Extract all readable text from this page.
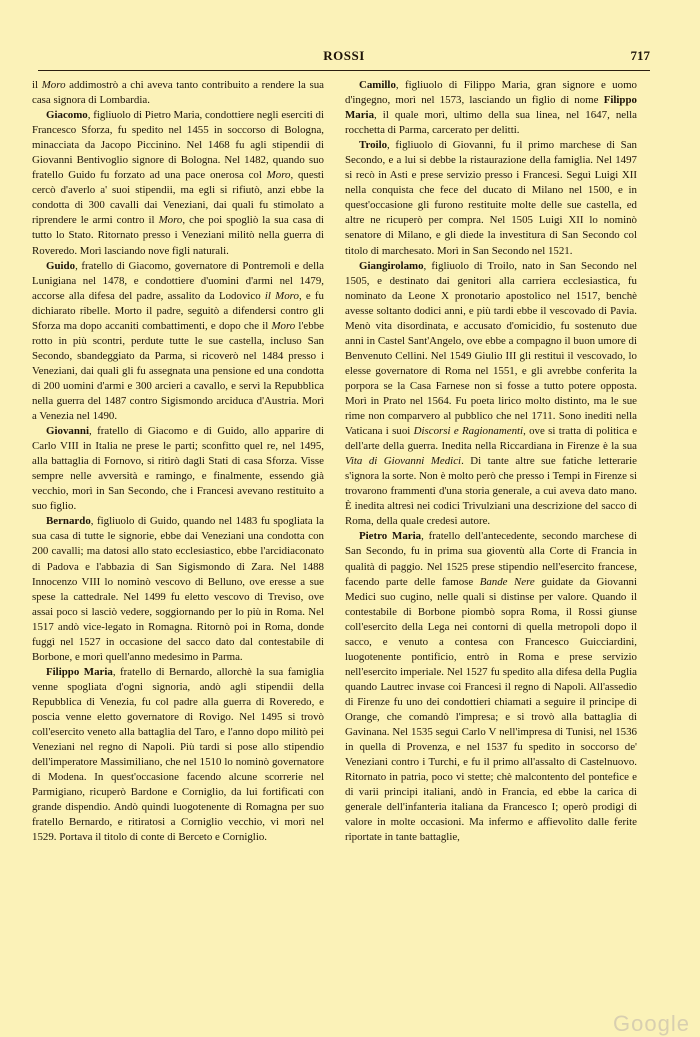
ROSSI	717

il Moro addimostrò a chi aveva tanto contribuito a rendere la sua casa signora di Lombardia.

Giacomo, figliuolo di Pietro Maria, condottiere negli eserciti di Francesco Sforza, fu spedito nel 1455 in soccorso di Bologna, minacciata da Jacopo Piccinino. Nel 1468 fu agli stipendii di Giovanni Bentivoglio signore di Bologna. Nel 1482, quando suo fratello Guido fu forzato ad una pace onerosa col Moro, questi cercò d'averlo a' suoi stipendii, ma egli si rifiutò, anzi ebbe la condotta di 300 cavalli dai Veneziani, dai quali fu stimolato a riprendere le armi contro il Moro, che poi spogliò la sua casa di tutto lo Stato. Ritornato presso i Veneziani militò nella guerra di Roveredo. Morì lasciando nove figli naturali.

Guido, fratello di Giacomo, governatore di Pontremoli e della Lunigiana nel 1478, e condottiere d'uomini d'armi nel 1479, accorse alla difesa del padre, assalito da Lodovico il Moro, e fu dichiarato ribelle. Morto il padre, seguitò a difendersi contro gli Sforza ma dopo accaniti combattimenti, e dopo che il Moro l'ebbe rotto in più scontri, perdute tutte le sue castella, incluso San Secondo, sbandeggiato da Parma, si ricoverò nel 1484 presso i Veneziani, dai quali gli fu assegnata una pensione ed una condotta di 200 uomini d'armi e 300 arcieri a cavallo, e servì la Repubblica nella guerra del 1487 contro Sigismondo arciduca d'Austria. Morì a Venezia nel 1490.

Giovanni, fratello di Giacomo e di Guido, allo apparire di Carlo VIII in Italia ne prese le parti; sconfitto quel re, nel 1495, alla battaglia di Fornovo, si ritirò dagli Stati di casa Sforza. Visse sempre nelle avversità e ramingo, e finalmente, essendo già vecchio, morì in San Secondo, che i Francesi avevano restituito a suo figlio.

Bernardo, figliuolo di Guido, quando nel 1483 fu spogliata la sua casa di tutte le signorie, ebbe dai Veneziani una condotta con 200 cavalli; ma datosi allo stato ecclesiastico, ebbe l'arcidiaconato di Padova e l'abbazia di San Sigismondo di Zara. Nel 1488 Innocenzo VIII lo nominò vescovo di Belluno, ove eresse a sue spese la cattedrale. Nel 1499 fu eletto vescovo di Treviso, ove assai poco si lasciò vedere, soggiornando per lo più in Roma. Nel 1517 andò vice-legato in Romagna. Ritornò poi in Roma, donde fuggì nel 1527 in occasione del sacco dato dal contestabile di Borbone, e morì quell'anno medesimo in Parma.

Filippo Maria, fratello di Bernardo, allorchè la sua famiglia venne spogliata d'ogni signoria, andò agli stipendii della Repubblica di Venezia, fu col padre alla guerra di Roveredo, e poscia venne eletto governatore di Rovigo. Nel 1495 si trovò coll'esercito veneto alla battaglia del Taro, e l'anno dopo militò pei Veneziani nel regno di Napoli. Più tardi si pose allo stipendio dell'imperatore Massimiliano, che nel 1510 lo nominò governatore di Modena. In quest'occasione facendo alcune scorrerie nel Parmigiano, ricuperò Bardone e Corniglio, da lui fortificati con grande dispendio. Andò quindi luogotenente di Romagna per suo fratello Bernardo, e ritiratosi a Corniglio vecchio, vi morì nel 1529. Portava il titolo di conte di Berceto e Corniglio.

Camillo, figliuolo di Filippo Maria, gran signore e uomo d'ingegno, morì nel 1573, lasciando un figlio di nome Filippo Maria, il quale morì, ultimo della sua linea, nel 1647, nella rocchetta di Parma, carcerato per delitti.

Troilo, figliuolo di Giovanni, fu il primo marchese di San Secondo, e a lui si debbe la ristaurazione della famiglia. Nel 1497 si recò in Asti e prese servizio presso i Francesi. Seguì Luigi XII nella conquista che fece del ducato di Milano nel 1500, e in quest'occasione gli furono restituite molte delle sue castella, ed altre ne ricuperò per compra. Nel 1505 Luigi XII lo nominò senatore di Milano, e gli diede la investitura di San Secondo col titolo di marchesato. Morì in San Secondo nel 1521.

Giangirolamo, figliuolo di Troilo, nato in San Secondo nel 1505, e destinato dai genitori alla carriera ecclesiastica, fu nominato da Leone X pronotario apostolico nel 1517, benchè avesse soltanto dodici anni, e più tardi ebbe il vescovado di Pavia. Menò vita disordinata, e accusato d'omicidio, fu sostenuto due anni in Castel Sant'Angelo, ove ebbe a compagno il buon umore di Benvenuto Cellini. Nel 1549 Giulio III gli restituì il vescovado, lo elesse governatore di Roma nel 1551, e gli avrebbe conferita la porpora se la Casa Farnese non si fosse a tutto potere opposta. Morì in Prato nel 1564. Fu poeta lirico molto distinto, ma le sue rime non comparvero al pubblico che nel 1711. Sono inediti nella Vaticana i suoi Discorsi e Ragionamenti, ove si tratta di politica e dell'arte della guerra. Inedita nella Riccardiana in Firenze è la sua Vita di Giovanni Medici. Di tante altre sue fatiche letterarie s'ignora la sorte. Non è molto però che presso i Tempi in Firenze si trovarono frammenti d'una storia generale, a cui aveva dato mano. È inedita altresì nei codici Trivulziani una descrizione del sacco di Roma, della quale credesi autore.

Pietro Maria, fratello dell'antecedente, secondo marchese di San Secondo, fu in prima sua gioventù alla Corte di Francia in qualità di paggio. Nel 1525 prese stipendio nell'esercito francese, facendo parte delle famose Bande Nere guidate da Giovanni Medici suo cugino, nelle quali si distinse per valore. Quando il contestabile di Borbone piombò sopra Roma, il Rossi giunse coll'esercito della Lega nei contorni di quella metropoli dopo il sacco, e venuto a contesa con Francesco Guicciardini, luogotenente pontificio, entrò in Roma e prese servizio nell'esercito imperiale. Nel 1527 fu spedito alla difesa della Puglia quando Lautrec invase coi Francesi il regno di Napoli. All'assedio di Firenze fu uno dei condottieri chiamati a seguire il principe di Orange, che comandò l'impresa; e si trovò alla battaglia di Gavinana. Nel 1535 seguì Carlo V nell'impresa di Tunisi, nel 1536 in quella di Provenza, e nel 1537 fu spedito in soccorso de' Veneziani contro i Turchi, e fu il primo all'assalto di Castelnuovo. Ritornato in patria, poco vi stette; chè malcontento del pontefice e di varii principi italiani, andò in Francia, ed ebbe la carica di generale dell'infanteria italiana da Francesco I; operò prodigi di valore in molte occasioni. Ma infermo e affievolito dalle ferite riportate in tante battaglie,

Google
